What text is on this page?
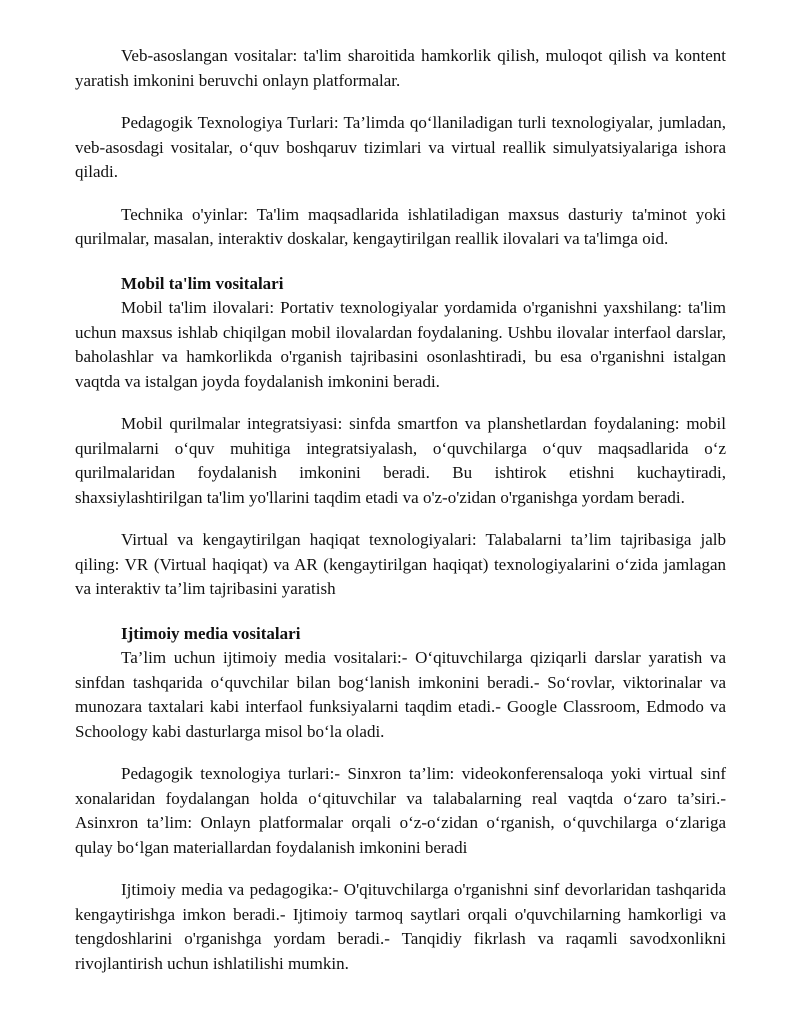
Veb-asoslangan vositalar: ta'lim sharoitida hamkorlik qilish, muloqot qilish va kontent yaratish imkonini beruvchi onlayn platformalar.

Pedagogik Texnologiya Turlari: Ta’limda qo‘llaniladigan turli texnologiyalar, jumladan, veb-asosdagi vositalar, o‘quv boshqaruv tizimlari va virtual reallik simulyatsiyalariga ishora qiladi.

Technika o'yinlar: Ta'lim maqsadlarida ishlatiladigan maxsus dasturiy ta'minot yoki qurilmalar, masalan, interaktiv doskalar, kengaytirilgan reallik ilovalari va ta'limga oid.

Mobil ta'lim vositalari

Mobil ta'lim ilovalari: Portativ texnologiyalar yordamida o'rganishni yaxshilang: ta'lim uchun maxsus ishlab chiqilgan mobil ilovalardan foydalaning. Ushbu ilovalar interfaol darslar, baholashlar va hamkorlikda o'rganish tajribasini osonlashtiradi, bu esa o'rganishni istalgan vaqtda va istalgan joyda foydalanish imkonini beradi.

Mobil qurilmalar integratsiyasi: sinfda smartfon va planshetlardan foydalaning: mobil qurilmalarni o‘quv muhitiga integratsiyalash, o‘quvchilarga o‘quv maqsadlarida o‘z qurilmalaridan foydalanish imkonini beradi. Bu ishtirok etishni kuchaytiradi, shaxsiylashtirilgan ta'lim yo'llarini taqdim etadi va o'z-o'zidan o'rganishga yordam beradi.

Virtual va kengaytirilgan haqiqat texnologiyalari: Talabalarni ta’lim tajribasiga jalb qiling: VR (Virtual haqiqat) va AR (kengaytirilgan haqiqat) texnologiyalarini o‘zida jamlagan va interaktiv ta’lim tajribasini yaratish

Ijtimoiy media vositalari

Ta’lim uchun ijtimoiy media vositalari:- O‘qituvchilarga qiziqarli darslar yaratish va sinfdan tashqarida o‘quvchilar bilan bog‘lanish imkonini beradi.- So‘rovlar, viktorinalar va munozara taxtalari kabi interfaol funksiyalarni taqdim etadi.- Google Classroom, Edmodo va Schoology kabi dasturlarga misol bo‘la oladi.

Pedagogik texnologiya turlari:- Sinxron ta’lim: videokonferensaloqa yoki virtual sinf xonalaridan foydalangan holda o‘qituvchilar va talabalarning real vaqtda o‘zaro ta’siri.- Asinxron ta’lim: Onlayn platformalar orqali o‘z-o‘zidan o‘rganish, o‘quvchilarga o‘zlariga qulay bo‘lgan materiallardan foydalanish imkonini beradi

Ijtimoiy media va pedagogika:- O'qituvchilarga o'rganishni sinf devorlaridan tashqarida kengaytirishga imkon beradi.- Ijtimoiy tarmoq saytlari orqali o'quvchilarning hamkorligi va tengdoshlarini o'rganishga yordam beradi.- Tanqidiy fikrlash va raqamli savodxonlikni rivojlantirish uchun ishlatilishi mumkin.
